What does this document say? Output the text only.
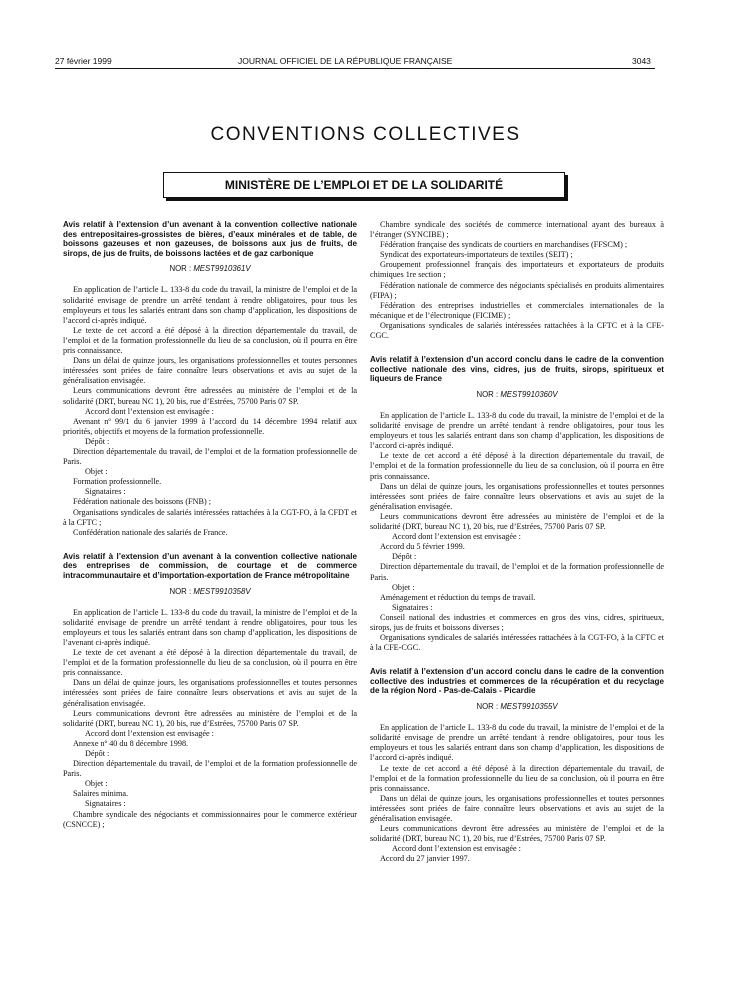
27 février 1999	JOURNAL OFFICIEL DE LA RÉPUBLIQUE FRANÇAISE	3043
CONVENTIONS COLLECTIVES
MINISTÈRE DE L’EMPLOI ET DE LA SOLIDARITÉ
Avis relatif à l’extension d’un avenant à la convention collective nationale des entrepositaires-grossistes de bières, d’eaux minérales et de table, de boissons gazeuses et non gazeuses, de boissons aux jus de fruits, de sirops, de jus de fruits, de boissons lactées et de gaz carbonique
NOR : MEST9910361V

En application de l’article L. 133-8 du code du travail, la ministre de l’emploi et de la solidarité envisage de prendre un arrêté tendant à rendre obligatoires, pour tous les employeurs et tous les salariés entrant dans son champ d’application, les dispositions de l’accord ci-après indiqué.

Le texte de cet accord a été déposé à la direction départementale du travail, de l’emploi et de la formation professionnelle du lieu de sa conclusion, où il pourra en être pris connaissance.

Dans un délai de quinze jours, les organisations professionnelles et toutes personnes intéressées sont priées de faire connaître leurs observations et avis au sujet de la généralisation envisagée.

Leurs communications devront être adressées au ministère de l’emploi et de la solidarité (DRT, bureau NC 1), 20 bis, rue d’Estrées, 75700 Paris 07 SP.

Accord dont l’extension est envisagée :

Avenant nº 99/1 du 6 janvier 1999 à l’accord du 14 décembre 1994 relatif aux priorités, objectifs et moyens de la formation professionnelle.

Dépôt :

Direction départementale du travail, de l’emploi et de la formation professionnelle de Paris.

Objet :

Formation professionnelle.

Signataires :

Fédération nationale des boissons (FNB) ;

Organisations syndicales de salariés intéressées rattachées à la CGT-FO, à la CFDT et à la CFTC ;

Confédération nationale des salariés de France.

Avis relatif à l’extension d’un avenant à la convention collective nationale des entreprises de commission, de courtage et de commerce intracommunautaire et d’importation-exportation de France métropolitaine
NOR : MEST9910358V

En application de l’article L. 133-8 du code du travail, la ministre de l’emploi et de la solidarité envisage de prendre un arrêté tendant à rendre obligatoires, pour tous les employeurs et tous les salariés entrant dans son champ d’application, les dispositions de l’avenant ci-après indiqué.

Le texte de cet avenant a été déposé à la direction départementale du travail, de l’emploi et de la formation professionnelle du lieu de sa conclusion, où il pourra en être pris connaissance.

Dans un délai de quinze jours, les organisations professionnelles et toutes personnes intéressées sont priées de faire connaître leurs observations et avis au sujet de la généralisation envisagée.

Leurs communications devront être adressées au ministère de l’emploi et de la solidarité (DRT, bureau NC 1), 20 bis, rue d’Estrées, 75700 Paris 07 SP.

Accord dont l’extension est envisagée :

Annexe nº 40 du 8 décembre 1998.

Dépôt :

Direction départementale du travail, de l’emploi et de la formation professionnelle de Paris.

Objet :

Salaires minima.

Signataires :

Chambre syndicale des négociants et commissionnaires pour le commerce extérieur (CSNCCE) ;

Chambre syndicale des sociétés de commerce international ayant des bureaux à l’étranger (SYNCIBE) ;

Fédération française des syndicats de courtiers en marchandises (FFSCM) ;

Syndicat des exportateurs-importateurs de textiles (SEIT) ;

Groupement professionnel français des importateurs et exportateurs de produits chimiques 1re section ;

Fédération nationale de commerce des négociants spécialisés en produits alimentaires (FIPA) ;

Fédération des entreprises industrielles et commerciales internationales de la mécanique et de l’électronique (FICIME) ;

Organisations syndicales de salariés intéressées rattachées à la CFTC et à la CFE-CGC.

Avis relatif à l’extension d’un accord conclu dans le cadre de la convention collective nationale des vins, cidres, jus de fruits, sirops, spiritueux et liqueurs de France
NOR : MEST9910360V

En application de l’article L. 133-8 du code du travail, la ministre de l’emploi et de la solidarité envisage de prendre un arrêté tendant à rendre obligatoires, pour tous les employeurs et tous les salariés entrant dans son champ d’application, les dispositions de l’accord ci-après indiqué.

Le texte de cet accord a été déposé à la direction départementale du travail, de l’emploi et de la formation professionnelle du lieu de sa conclusion, où il pourra en être pris connaissance.

Dans un délai de quinze jours, les organisations professionnelles et toutes personnes intéressées sont priées de faire connaître leurs observations et avis au sujet de la généralisation envisagée.

Leurs communications devront être adressées au ministère de l’emploi et de la solidarité (DRT, bureau NC 1), 20 bis, rue d’Estrées, 75700 Paris 07 SP.

Accord dont l’extension est envisagée :

Accord du 5 février 1999.

Dépôt :

Direction départementale du travail, de l’emploi et de la formation professionnelle de Paris.

Objet :

Aménagement et réduction du temps de travail.

Signataires :

Conseil national des industries et commerces en gros des vins, cidres, spiritueux, sirops, jus de fruits et boissons diverses ;

Organisations syndicales de salariés intéressées rattachées à la CGT-FO, à la CFTC et à la CFE-CGC.

Avis relatif à l’extension d’un accord conclu dans le cadre de la convention collective des industries et commerces de la récupération et du recyclage de la région Nord - Pas-de-Calais - Picardie
NOR : MEST9910355V

En application de l’article L. 133-8 du code du travail, la ministre de l’emploi et de la solidarité envisage de prendre un arrêté tendant à rendre obligatoires, pour tous les employeurs et tous les salariés entrant dans son champ d’application, les dispositions de l’accord ci-après indiqué.

Le texte de cet accord a été déposé à la direction départementale du travail, de l’emploi et de la formation professionnelle du lieu de sa conclusion, où il pourra en être pris connaissance.

Dans un délai de quinze jours, les organisations professionnelles et toutes personnes intéressées sont priées de faire connaître leurs observations et avis au sujet de la généralisation envisagée.

Leurs communications devront être adressées au ministère de l’emploi et de la solidarité (DRT, bureau NC 1), 20 bis, rue d’Estrées, 75700 Paris 07 SP.

Accord dont l’extension est envisagée :

Accord du 27 janvier 1997.
